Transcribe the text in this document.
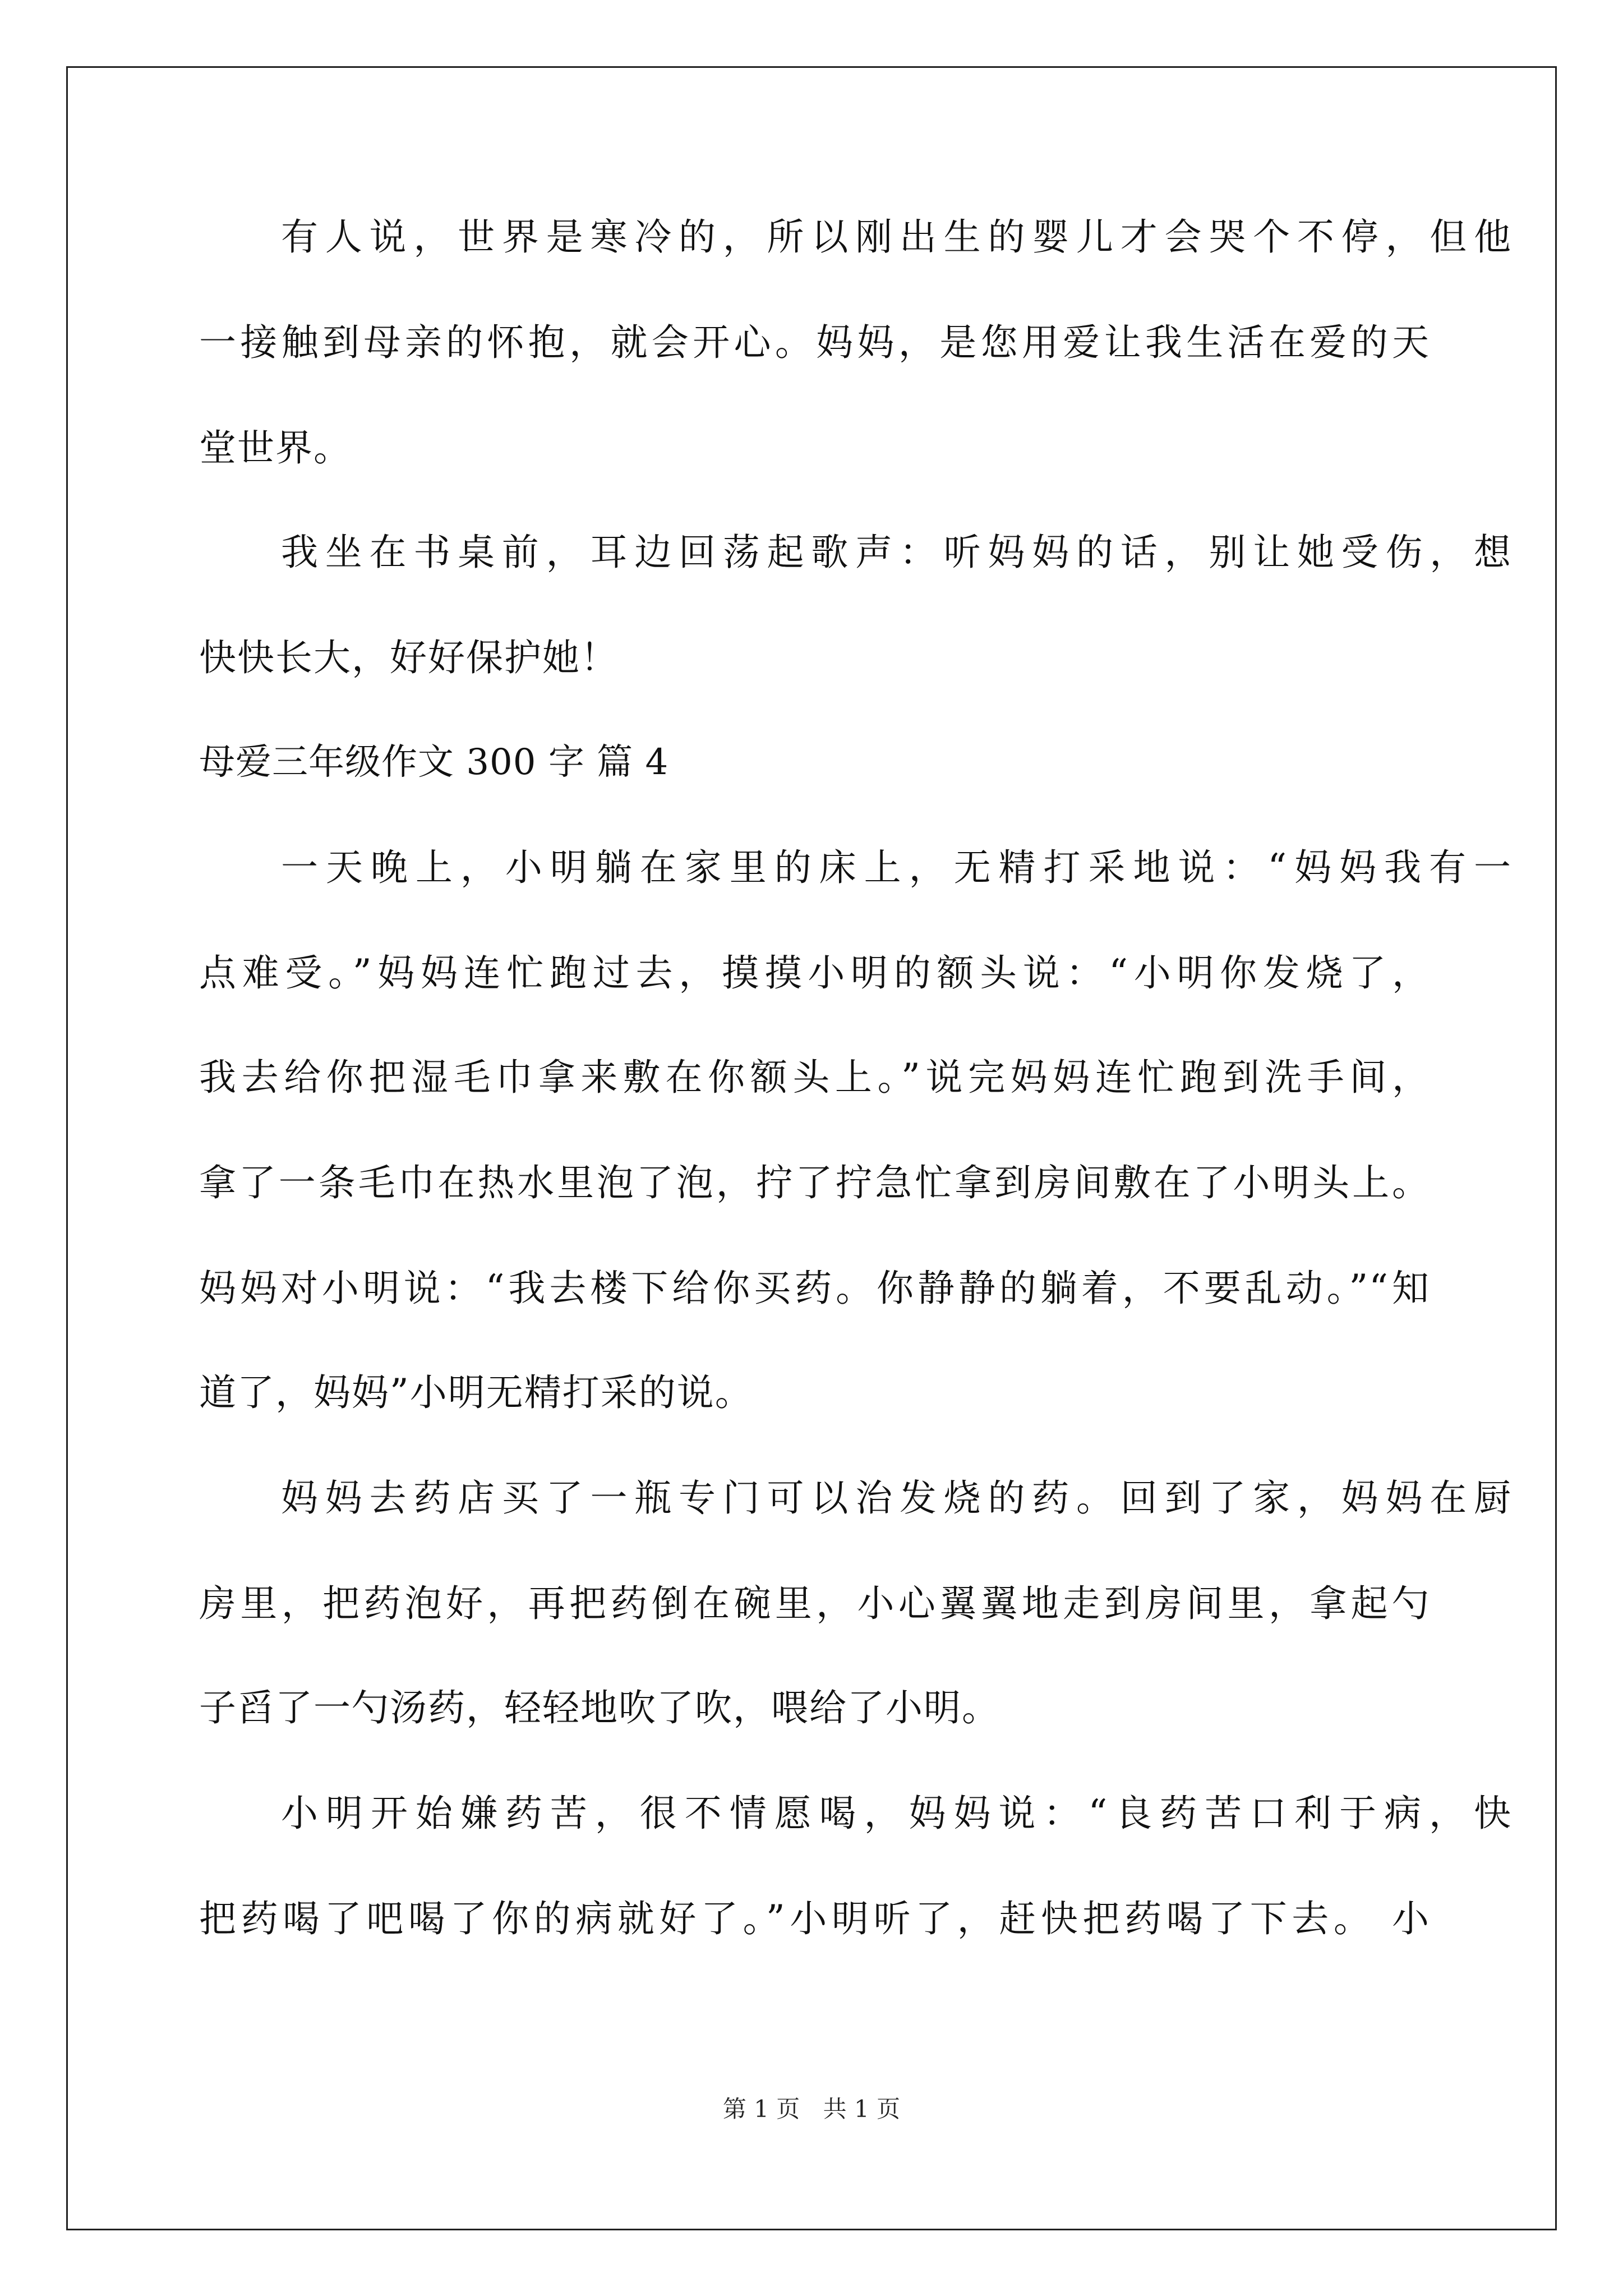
有人说，世界是寒冷的，所以刚出生的婴儿才会哭个不停，但他
一接触到母亲的怀抱，就会开心。妈妈，是您用爱让我生活在爱的天
堂世界。
我坐在书桌前，耳边回荡起歌声：听妈妈的话，别让她受伤，想
快快长大，好好保护她！
母爱三年级作文 300 字 篇 4
一天晚上，小明躺在家里的床上，无精打采地说：“妈妈我有一
点难受。”妈妈连忙跑过去，摸摸小明的额头说：“小明你发烧了，
我去给你把湿毛巾拿来敷在你额头上。”说完妈妈连忙跑到洗手间，
拿了一条毛巾在热水里泡了泡，拧了拧急忙拿到房间敷在了小明头上。
妈妈对小明说：“我去楼下给你买药。你静静的躺着，不要乱动。”“知
道了，妈妈”小明无精打采的说。
妈妈去药店买了一瓶专门可以治发烧的药。回到了家，妈妈在厨
房里，把药泡好，再把药倒在碗里，小心翼翼地走到房间里，拿起勺
子舀了一勺汤药，轻轻地吹了吹，喂给了小明。
小明开始嫌药苦，很不情愿喝，妈妈说：“良药苦口利于病，快
把药喝了吧喝了你的病就好了。”小明听了，赶快把药喝了下去。 小
第 1 页 共 1 页
